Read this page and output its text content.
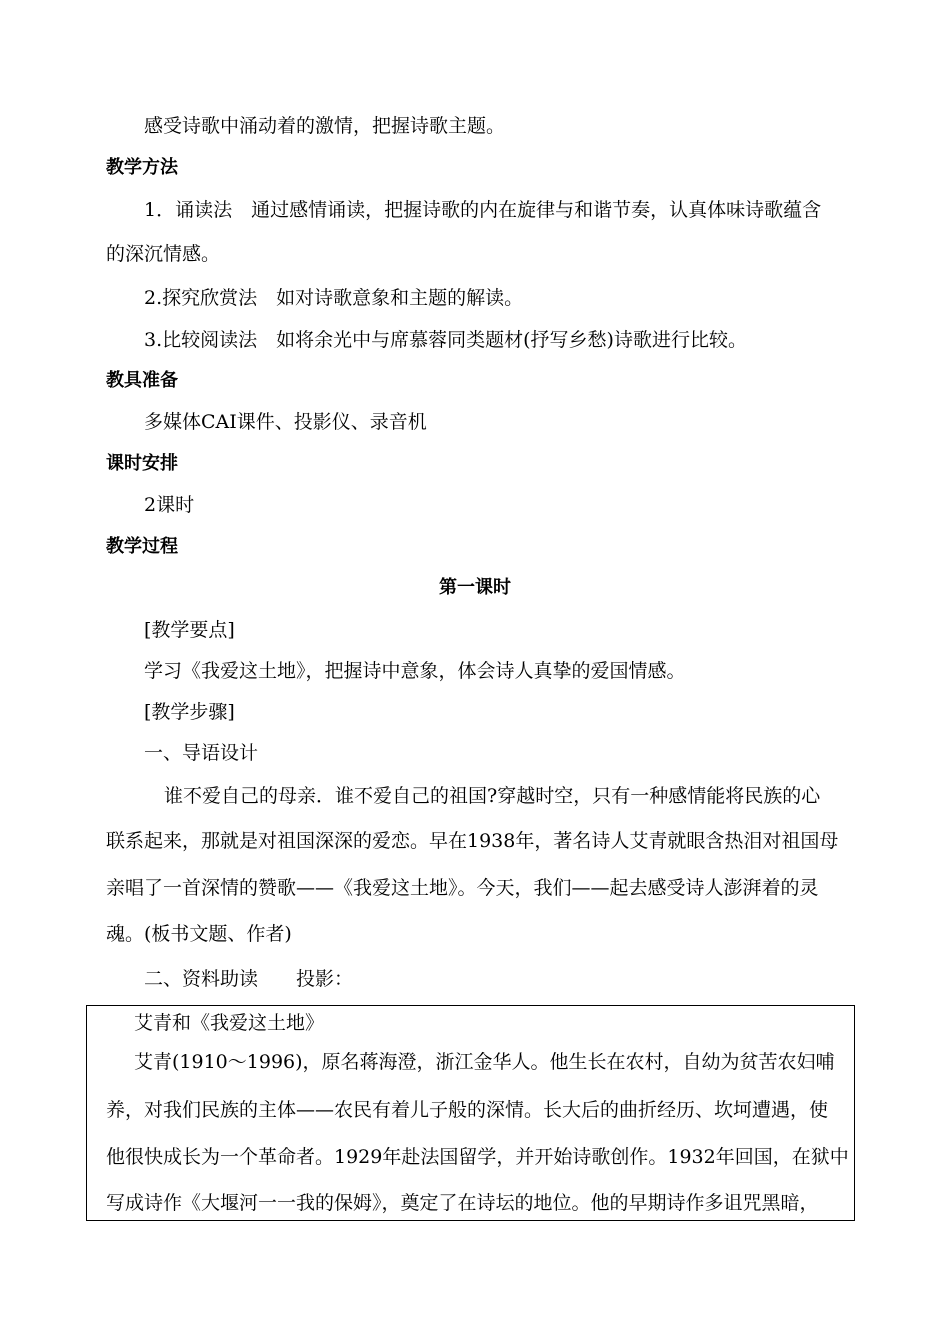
感受诗歌中涌动着的激情，把握诗歌主题。
教学方法
1．诵读法　通过感情诵读，把握诗歌的内在旋律与和谐节奏，认真体味诗歌蕴含
的深沉情感。
2.探究欣赏法　如对诗歌意象和主题的解读。
3.比较阅读法　如将余光中与席慕蓉同类题材(抒写乡愁)诗歌进行比较。
教具准备
多媒体CAI课件、投影仪、录音机
课时安排
2课时
教学过程
第一课时
[教学要点]
学习《我爱这土地》，把握诗中意象，体会诗人真挚的爱国情感。
[教学步骤]
一、导语设计
谁不爱自己的母亲．谁不爱自己的祖国?穿越时空，只有一种感情能将民族的心
联系起来，那就是对祖国深深的爱恋。早在1938年，著名诗人艾青就眼含热泪对祖国母
亲唱了一首深情的赞歌——《我爱这土地》。今天，我们——起去感受诗人澎湃着的灵
魂。(板书文题、作者)
二、资料助读　　投影：
艾青和《我爱这土地》
艾青(1910～1996)，原名蒋海澄，浙江金华人。他生长在农村，自幼为贫苦农妇哺
养，对我们民族的主体——农民有着儿子般的深情。长大后的曲折经历、坎坷遭遇，使
他很快成长为一个革命者。1929年赴法国留学，并开始诗歌创作。1932年回国，在狱中
写成诗作《大堰河一一我的保姆》，奠定了在诗坛的地位。他的早期诗作多诅咒黑暗，
